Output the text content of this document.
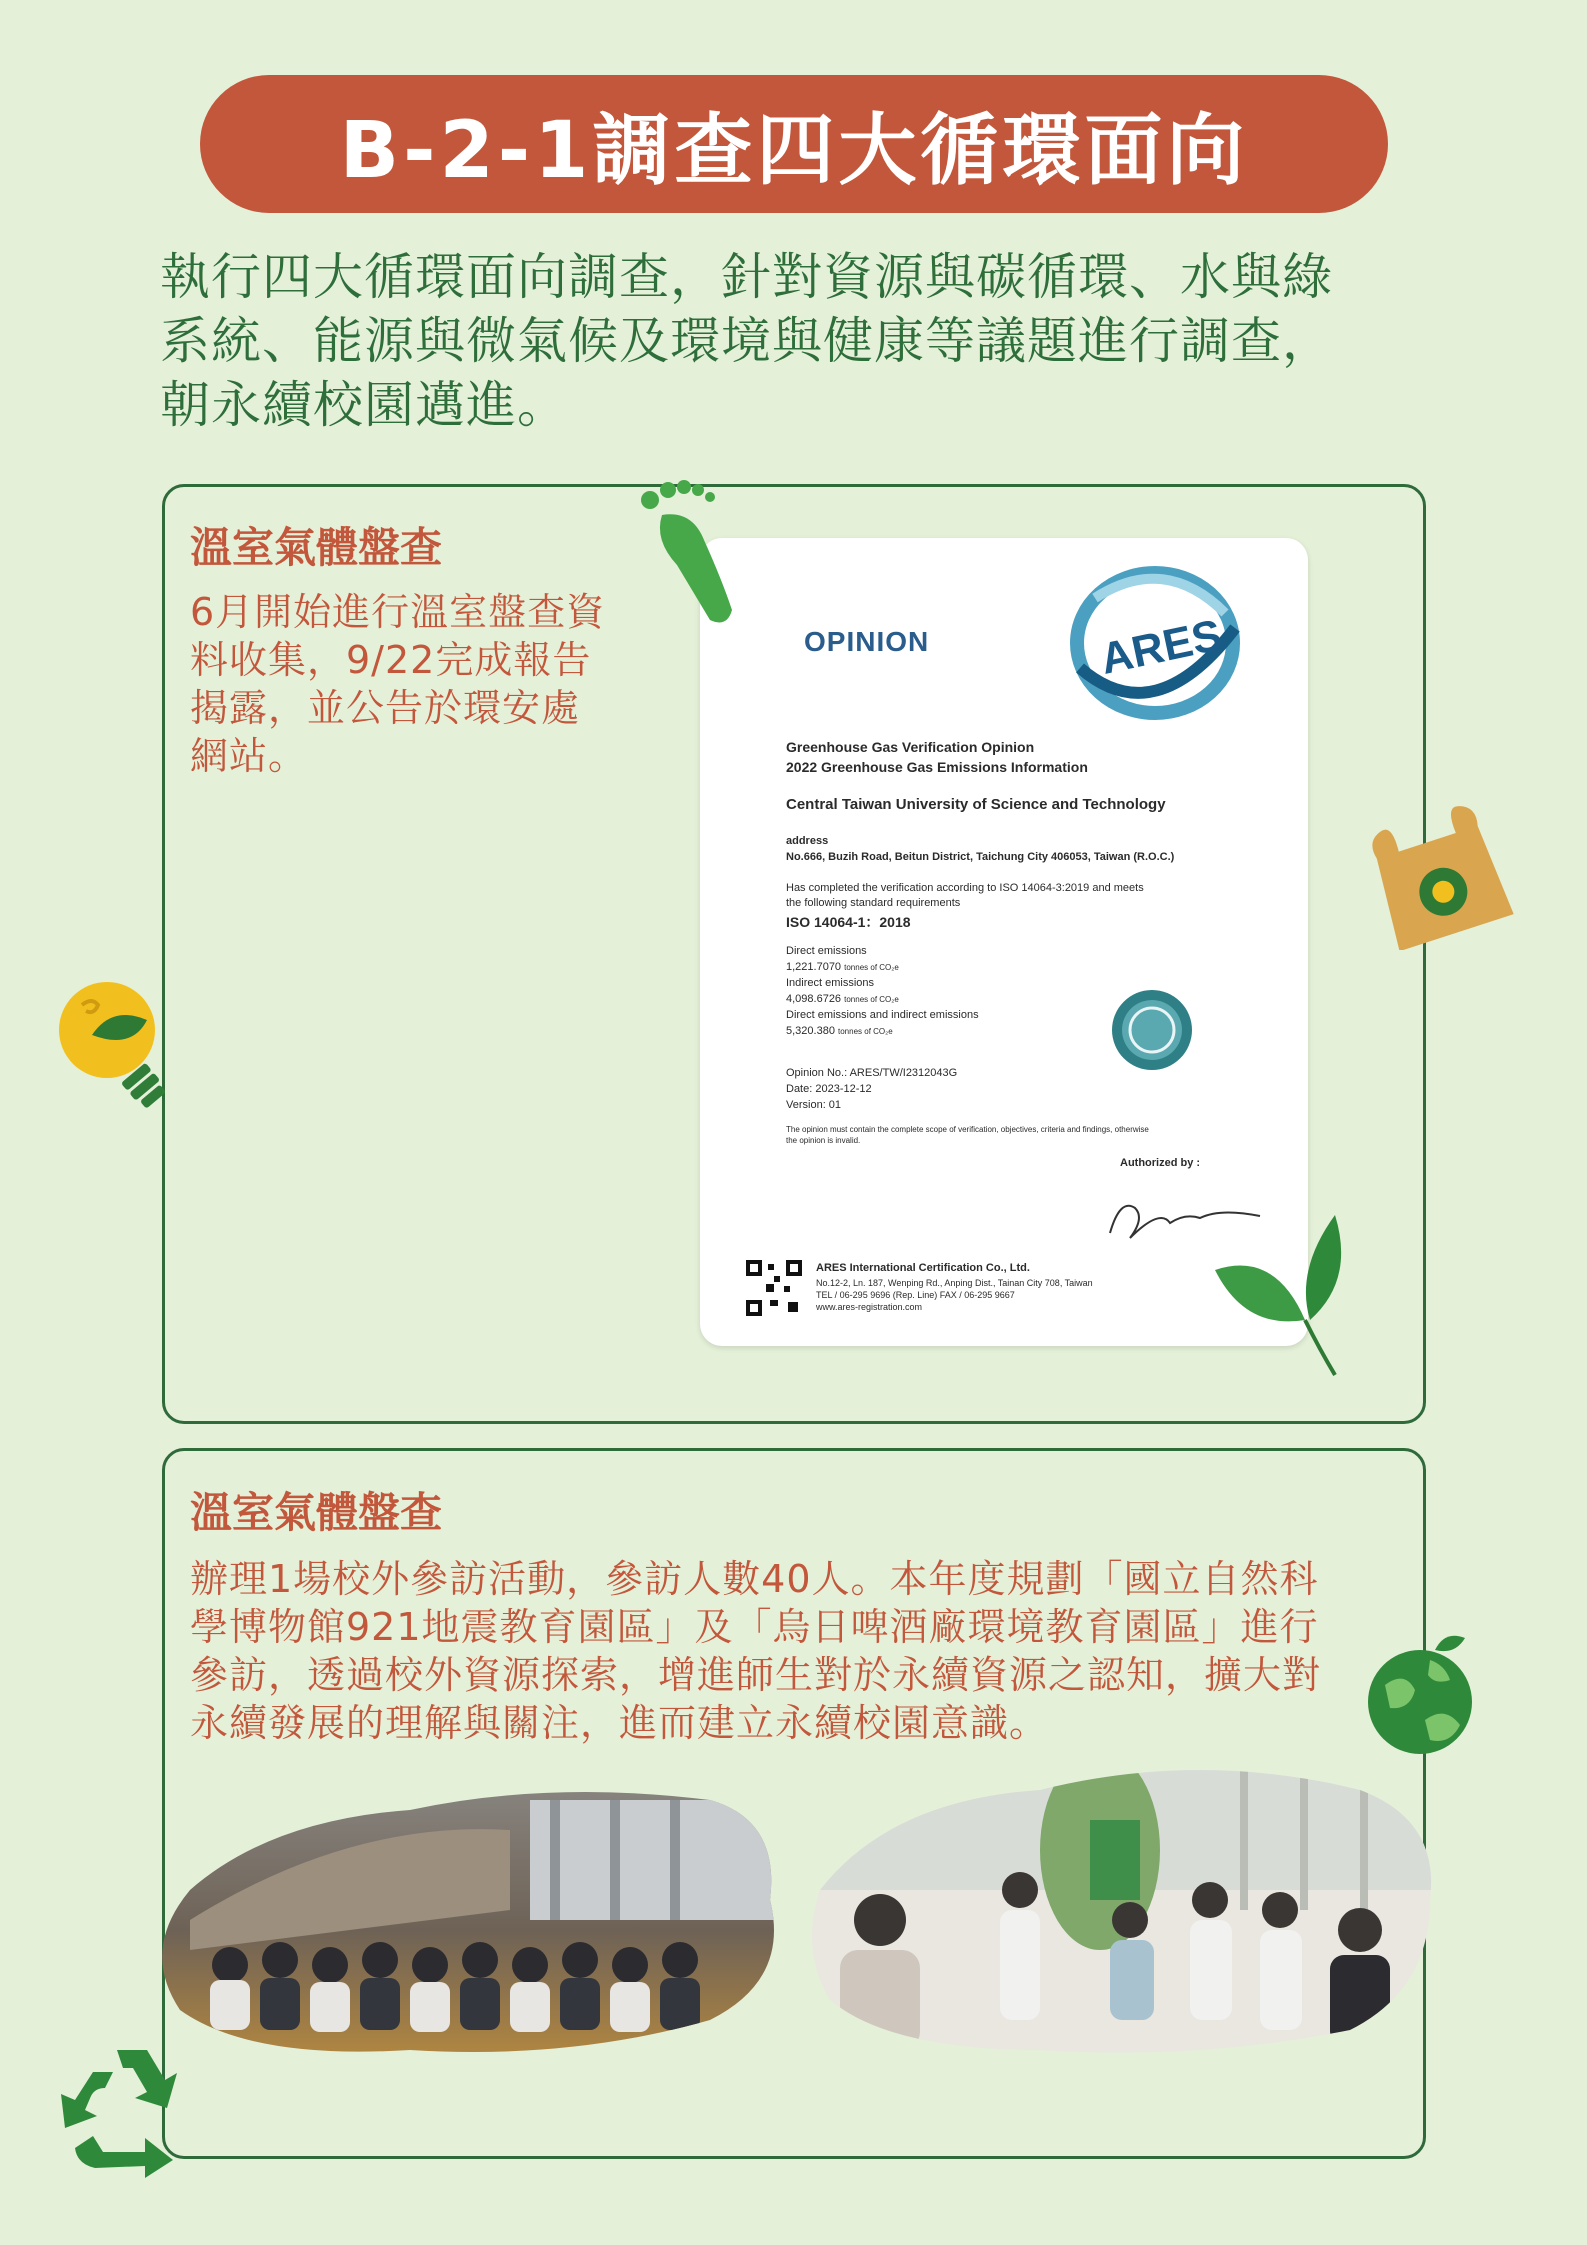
B-2-1調查四大循環面向
執行四大循環面向調查，針對資源與碳循環、水與綠
系統、能源與微氣候及環境與健康等議題進行調查，
朝永續校園邁進。
溫室氣體盤查
6月開始進行溫室盤查資
料收集，9/22完成報告
揭露，並公告於環安處
網站。
OPINION	ARES
Greenhouse Gas Verification Opinion
2022 Greenhouse Gas Emissions Information
Central Taiwan University of Science and Technology
address
No.666, Buzih Road, Beitun District, Taichung City 406053, Taiwan (R.O.C.)
Has completed the verification according to ISO 14064-3:2019 and meets
the following standard requirements
ISO 14064-1：2018
Direct emissions
1,221.7070 tonnes of CO₂e
Indirect emissions
4,098.6726 tonnes of CO₂e
Direct emissions and indirect emissions
5,320.380 tonnes of CO₂e
Opinion No.: ARES/TW/I2312043G
Date: 2023-12-12
Version: 01
The opinion must contain the complete scope of verification, objectives, criteria and findings, otherwise
the opinion is invalid.
Authorized by :
ARES International Certification Co., Ltd.
No.12-2, Ln. 187, Wenping Rd., Anping Dist., Tainan City 708, Taiwan
TEL / 06-295 9696 (Rep. Line) FAX / 06-295 9667
www.ares-registration.com
溫室氣體盤查
辦理1場校外參訪活動，參訪人數40人。本年度規劃「國立自然科
學博物館921地震教育園區」及「烏日啤酒廠環境教育園區」進行
參訪，透過校外資源探索，增進師生對於永續資源之認知，擴大對
永續發展的理解與關注，進而建立永續校園意識。
